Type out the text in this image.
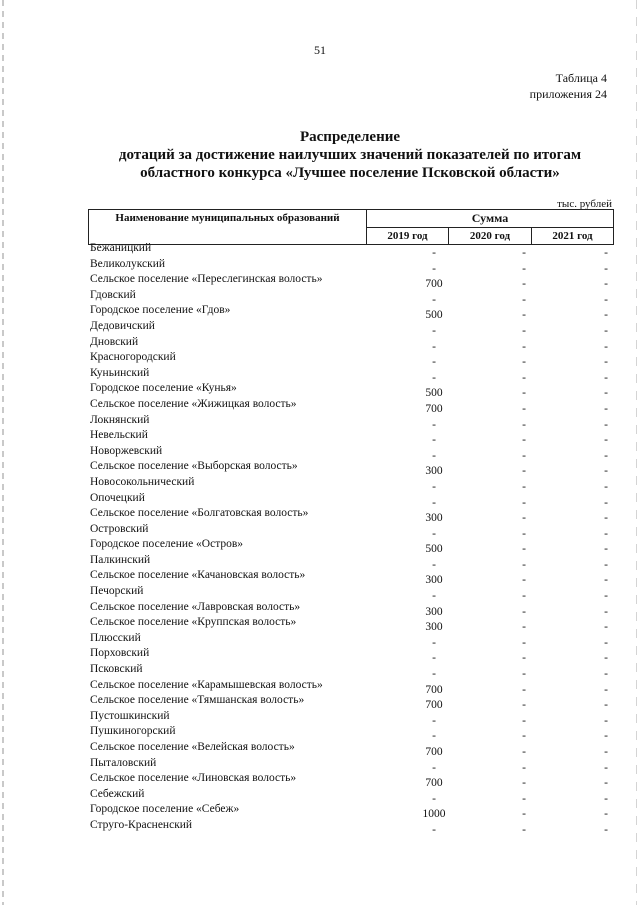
51
Таблица 4
приложения 24
Распределение
дотаций за достижение наилучших значений показателей по итогам
областного конкурса «Лучшее поселение Псковской области»
тыс. рублей
Наименование муниципальных образований	Сумма
2019 год	2020 год	2021 год
Бежаницкий	-	-	-
Великолукский	-	-	-
Сельское поселение «Переслегинская волость»	700	-	-
Гдовский	-	-	-
Городское поселение «Гдов»	500	-	-
Дедовичский	-	-	-
Дновский	-	-	-
Красногородский	-	-	-
Куньинский	-	-	-
Городское поселение «Кунья»	500	-	-
Сельское поселение «Жижицкая волость»	700	-	-
Локнянский	-	-	-
Невельский	-	-	-
Новоржевский	-	-	-
Сельское поселение «Выборская волость»	300	-	-
Новосокольнический	-	-	-
Опочецкий	-	-	-
Сельское поселение «Болгатовская волость»	300	-	-
Островский	-	-	-
Городское поселение «Остров»	500	-	-
Палкинский	-	-	-
Сельское поселение «Качановская волость»	300	-	-
Печорский	-	-	-
Сельское поселение «Лавровская волость»	300	-	-
Сельское поселение «Круппская волость»	300	-	-
Плюсский	-	-	-
Порховский	-	-	-
Псковский	-	-	-
Сельское поселение «Карамышевская волость»	700	-	-
Сельское поселение «Тямшанская волость»	700	-	-
Пустошкинский	-	-	-
Пушкиногорский	-	-	-
Сельское поселение «Велейская волость»	700	-	-
Пыталовский	-	-	-
Сельское поселение «Линовская волость»	700	-	-
Себежский	-	-	-
Городское поселение «Себеж»	1000	-	-
Струго-Красненский	-	-	-
